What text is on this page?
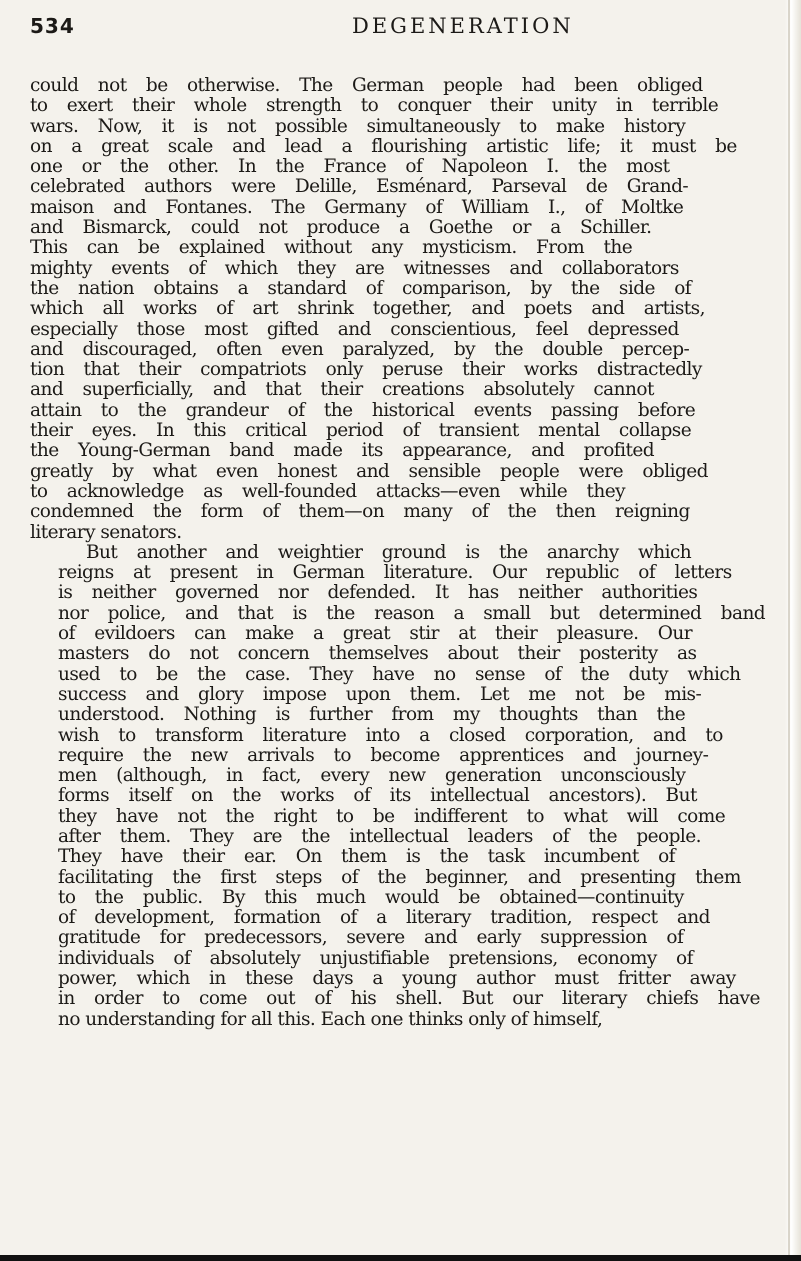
534	DEGENERATION

could not be otherwise. The German people had been obliged
to exert their whole strength to conquer their unity in terrible
wars. Now, it is not possible simultaneously to make history
on a great scale and lead a flourishing artistic life; it must be
one or the other. In the France of Napoleon I. the most
celebrated authors were Delille, Esménard, Parseval de Grand-
maison and Fontanes. The Germany of William I., of Moltke
and Bismarck, could not produce a Goethe or a Schiller.
This can be explained without any mysticism. From the
mighty events of which they are witnesses and collaborators
the nation obtains a standard of comparison, by the side of
which all works of art shrink together, and poets and artists,
especially those most gifted and conscientious, feel depressed
and discouraged, often even paralyzed, by the double percep-
tion that their compatriots only peruse their works distractedly
and superficially, and that their creations absolutely cannot
attain to the grandeur of the historical events passing before
their eyes. In this critical period of transient mental collapse
the Young-German band made its appearance, and profited
greatly by what even honest and sensible people were obliged
to acknowledge as well-founded attacks—even while they
condemned the form of them—on many of the then reigning
literary senators.

But another and weightier ground is the anarchy which
reigns at present in German literature. Our republic of letters
is neither governed nor defended. It has neither authorities
nor police, and that is the reason a small but determined band
of evildoers can make a great stir at their pleasure. Our
masters do not concern themselves about their posterity as
used to be the case. They have no sense of the duty which
success and glory impose upon them. Let me not be mis-
understood. Nothing is further from my thoughts than the
wish to transform literature into a closed corporation, and to
require the new arrivals to become apprentices and journey-
men (although, in fact, every new generation unconsciously
forms itself on the works of its intellectual ancestors). But
they have not the right to be indifferent to what will come
after them. They are the intellectual leaders of the people.
They have their ear. On them is the task incumbent of
facilitating the first steps of the beginner, and presenting them
to the public. By this much would be obtained—continuity
of development, formation of a literary tradition, respect and
gratitude for predecessors, severe and early suppression of
individuals of absolutely unjustifiable pretensions, economy of
power, which in these days a young author must fritter away
in order to come out of his shell. But our literary chiefs have
no understanding for all this. Each one thinks only of himself,
